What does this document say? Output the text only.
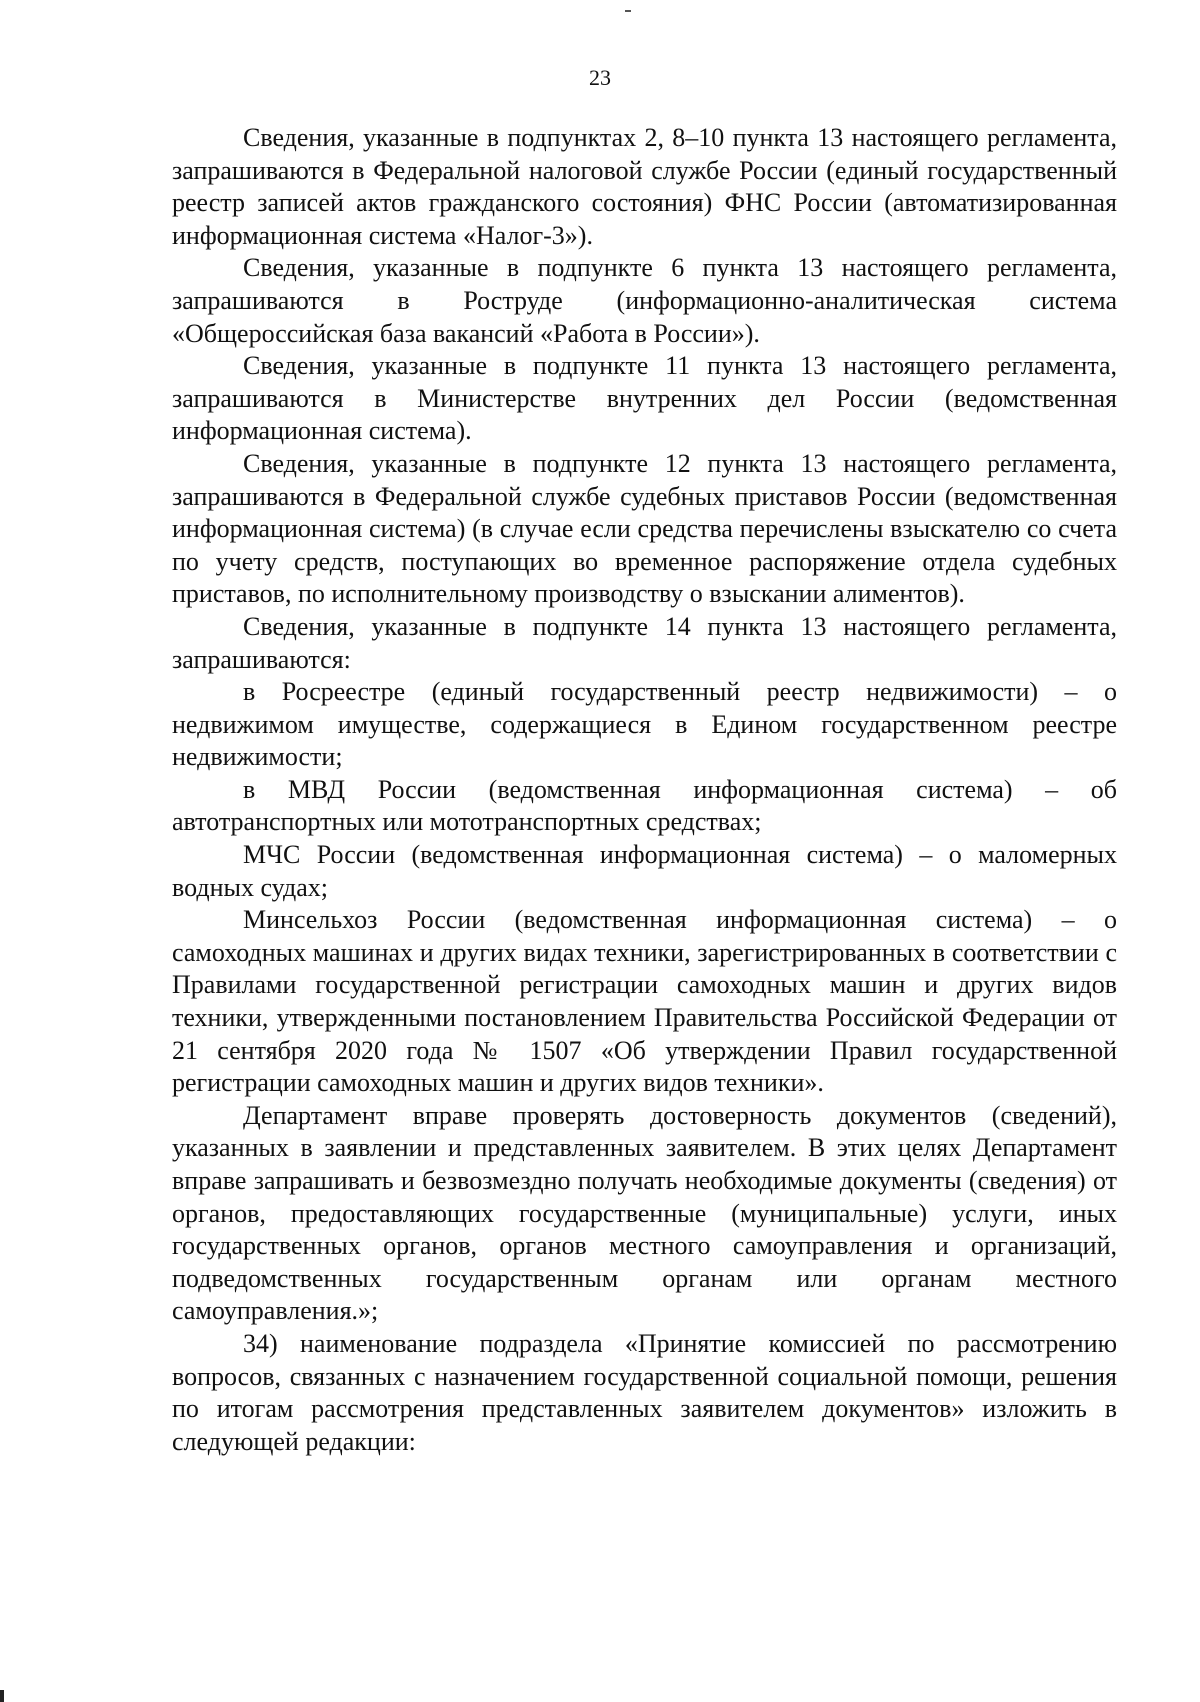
23

Сведения, указанные в подпунктах 2, 8–10 пункта 13 настоящего регламента, запрашиваются в Федеральной налоговой службе России (единый государственный реестр записей актов гражданского состояния) ФНС России (автоматизированная информационная система «Налог-3»).

Сведения, указанные в подпункте 6 пункта 13 настоящего регламента, запрашиваются в Роструде (информационно-аналитическая система «Общероссийская база вакансий «Работа в России»).

Сведения, указанные в подпункте 11 пункта 13 настоящего регламента, запрашиваются в Министерстве внутренних дел России (ведомственная информационная система).

Сведения, указанные в подпункте 12 пункта 13 настоящего регламента, запрашиваются в Федеральной службе судебных приставов России (ведомственная информационная система) (в случае если средства перечислены взыскателю со счета по учету средств, поступающих во временное распоряжение отдела судебных приставов, по исполнительному производству о взыскании алиментов).

Сведения, указанные в подпункте 14 пункта 13 настоящего регламента, запрашиваются:

в Росреестре (единый государственный реестр недвижимости) – о недвижимом имуществе, содержащиеся в Едином государственном реестре недвижимости;

в МВД России (ведомственная информационная система) – об автотранспортных или мототранспортных средствах;

МЧС России (ведомственная информационная система) – о маломерных водных судах;

Минсельхоз России (ведомственная информационная система) – о самоходных машинах и других видах техники, зарегистрированных в соответствии с Правилами государственной регистрации самоходных машин и других видов техники, утвержденными постановлением Правительства Российской Федерации от 21 сентября 2020 года № 1507 «Об утверждении Правил государственной регистрации самоходных машин и других видов техники».

Департамент вправе проверять достоверность документов (сведений), указанных в заявлении и представленных заявителем. В этих целях Департамент вправе запрашивать и безвозмездно получать необходимые документы (сведения) от органов, предоставляющих государственные (муниципальные) услуги, иных государственных органов, органов местного самоуправления и организаций, подведомственных государственным органам или органам местного самоуправления.»;

34) наименование подраздела «Принятие комиссией по рассмотрению вопросов, связанных с назначением государственной социальной помощи, решения по итогам рассмотрения представленных заявителем документов» изложить в следующей редакции:
